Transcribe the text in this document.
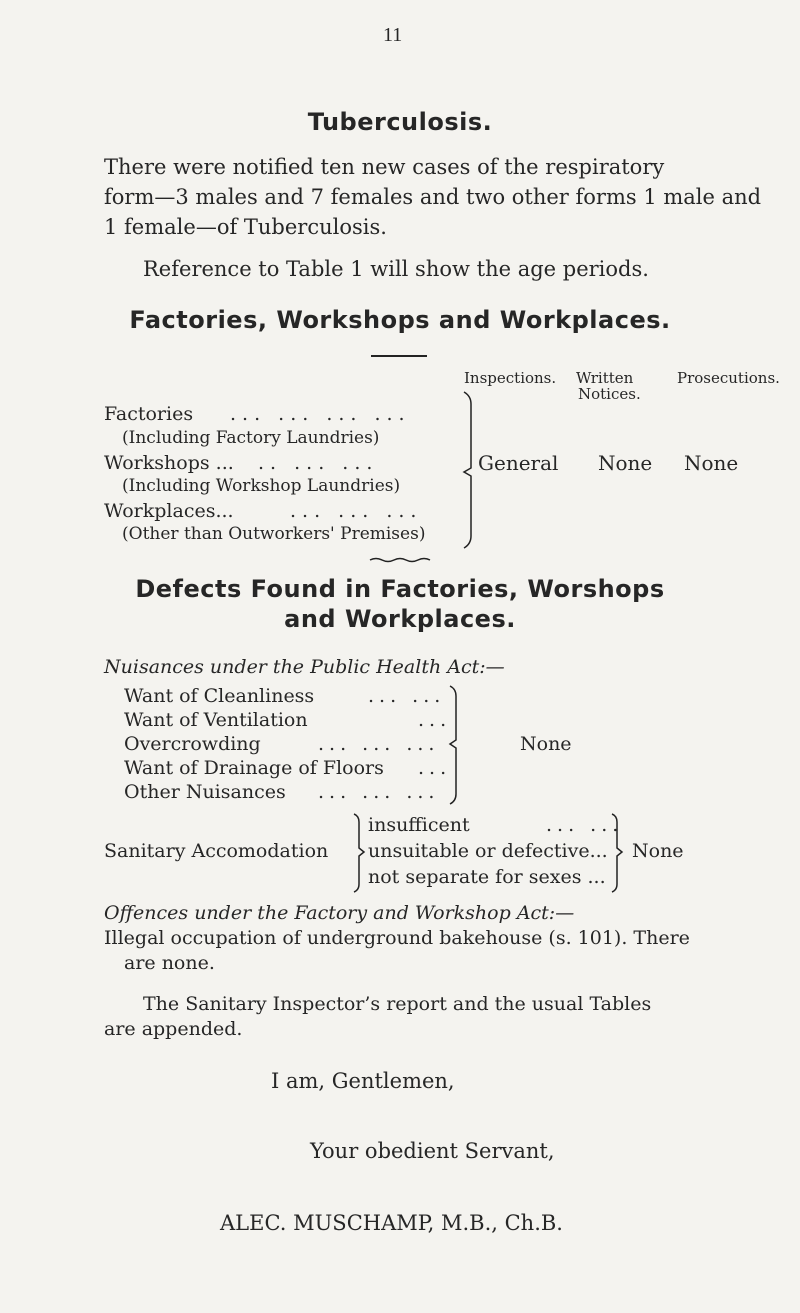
11
Tuberculosis.
There were notified ten new cases of the respiratory
form—3 males and 7 females and two other forms 1 male and
1 female—of Tuberculosis.
Reference to Table 1 will show the age periods.
Factories, Workshops and Workplaces.
Inspections. Written
Notices.
Prosecutions.
Factories ... ... ... ...
(Including Factory Laundries)
Workshops ... .. ... ...
(Including Workshop Laundries)
Workplaces...	... ... ...
(Other than Outworkers' Premises)
General None None
Defects Found in Factories, Worshops
and Workplaces.
Nuisances under the Public Health Act:—
Want of Cleanliness
Want of Ventilation
Overcrowding
Want of Drainage of Floors
Other Nuisances
... ...
...
... ... ...
...
... ... ...
None
Sanitary Accomodation
insufficent
unsuitable or defective...
not separate for sexes ...
... ...
None
Offences under the Factory and Workshop Act:—
Illegal occupation of underground bakehouse (s. 101). There
are none.
The Sanitary Inspector’s report and the usual Tables
are appended.
I am, Gentlemen,
Your obedient Servant,
ALEC. MUSCHAMP, M.B., Ch.B.
